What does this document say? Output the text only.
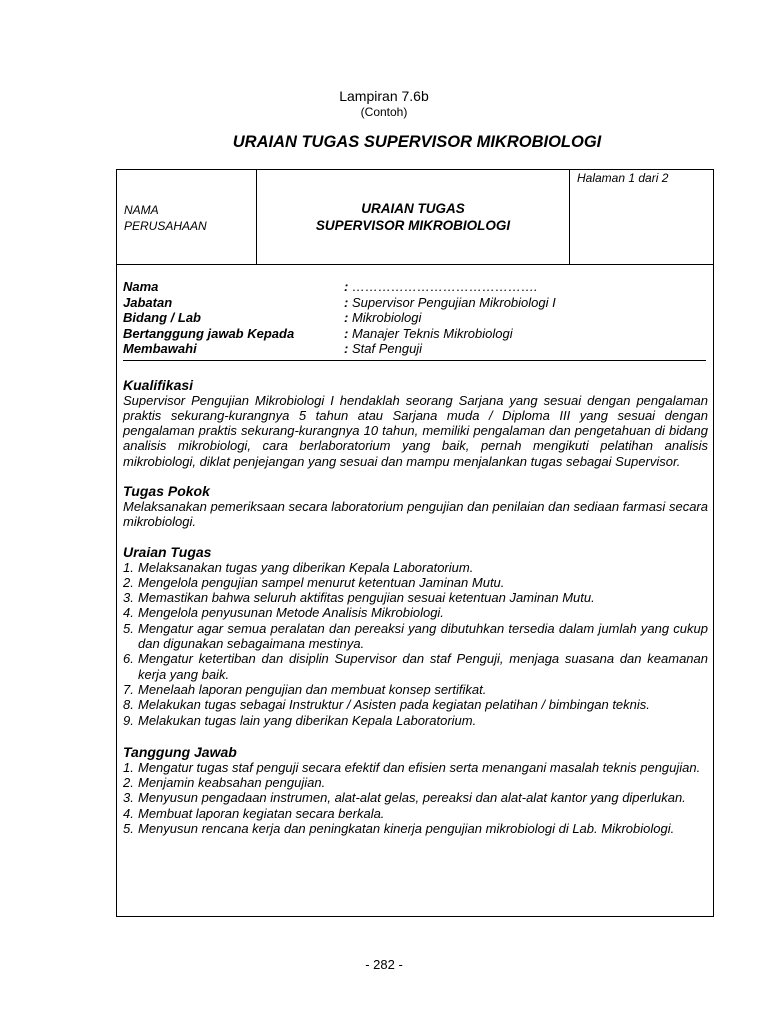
Lampiran 7.6b
(Contoh)
URAIAN TUGAS SUPERVISOR MIKROBIOLOGI
NAMA
PERUSAHAAN
URAIAN TUGAS
SUPERVISOR MIKROBIOLOGI
Halaman 1 dari 2
Nama	: …………………………………….
Jabatan	: Supervisor Pengujian Mikrobiologi I
Bidang / Lab	: Mikrobiologi
Bertanggung jawab Kepada	: Manajer Teknis Mikrobiologi
Membawahi	: Staf Penguji
Kualifikasi

Supervisor Pengujian Mikrobiologi I hendaklah seorang Sarjana yang sesuai dengan pengalaman praktis sekurang-kurangnya 5 tahun atau Sarjana muda / Diploma III yang sesuai dengan pengalaman praktis sekurang-kurangnya 10 tahun, memiliki pengalaman dan pengetahuan di bidang analisis mikrobiologi, cara berlaboratorium yang baik, pernah mengikuti pelatihan analisis mikrobiologi, diklat penjejangan yang sesuai dan mampu menjalankan tugas sebagai Supervisor.

Tugas Pokok

Melaksanakan pemeriksaan secara laboratorium pengujian dan penilaian dan sediaan farmasi secara mikrobiologi.

Uraian Tugas
1. Melaksanakan tugas yang diberikan Kepala Laboratorium.
2. Mengelola pengujian sampel menurut ketentuan Jaminan Mutu.
3. Memastikan bahwa seluruh aktifitas pengujian sesuai ketentuan Jaminan Mutu.
4. Mengelola penyusunan Metode Analisis Mikrobiologi.
5. Mengatur agar semua peralatan dan pereaksi yang dibutuhkan tersedia dalam jumlah yang cukup dan digunakan sebagaimana mestinya.
6. Mengatur ketertiban dan disiplin Supervisor dan staf Penguji, menjaga suasana dan keamanan kerja yang baik.
7. Menelaah laporan pengujian dan membuat konsep sertifikat.
8. Melakukan tugas sebagai Instruktur / Asisten pada kegiatan pelatihan / bimbingan teknis.
9. Melakukan tugas lain yang diberikan Kepala Laboratorium.
Tanggung Jawab
1. Mengatur tugas staf penguji secara efektif dan efisien serta menangani masalah teknis pengujian.
2. Menjamin keabsahan pengujian.
3. Menyusun pengadaan instrumen, alat-alat gelas, pereaksi dan alat-alat kantor yang diperlukan.
4. Membuat laporan kegiatan secara berkala.
5. Menyusun rencana kerja dan peningkatan kinerja pengujian mikrobiologi di Lab. Mikrobiologi.
- 282 -
